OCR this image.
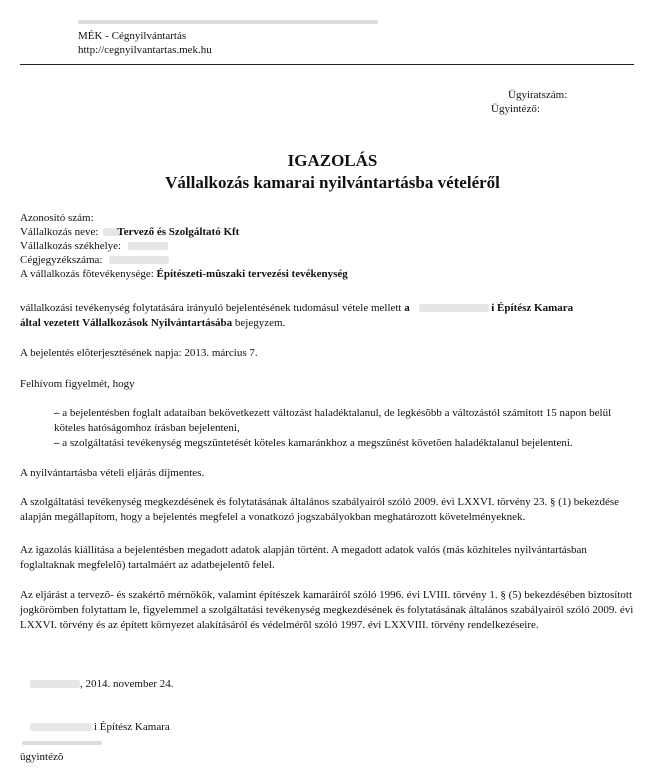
MÉK - Cégnyilvántartás
http://cegnyilvantartas.mek.hu
Ügyiratszám:
Ügyintéző:
IGAZOLÁS
Vállalkozás kamarai nyilvántartásba vételéről
Azonosító szám:
Vállalkozás neve: Tervező és Szolgáltató Kft
Vállalkozás székhelye:
Cégjegyzékszáma:
A vállalkozás fõtevékenysége: Építészeti-mûszaki tervezési tevékenység

vállalkozási tevékenység folytatására irányuló bejelentésének tudomásul vétele mellett a	i Építész Kamara
által vezetett Vállalkozások Nyilvántartásába bejegyzem.

A bejelentés elõterjesztésének napja: 2013. március 7.
Felhívom figyelmét, hogy
– a bejelentésben foglalt adataiban bekövetkezett változást haladéktalanul, de legkésõbb a változástól számított 15 napon belül köteles hatóságomhoz írásban bejelenteni,
– a szolgáltatási tevékenység megszüntetését köteles kamaránkhoz a megszûnést követõen haladéktalanul bejelenteni.
A nyilvántartásba vételi eljárás díjmentes.
A szolgáltatási tevékenység megkezdésének és folytatásának általános szabályairól szóló 2009. évi LXXVI. törvény 23. § (1) bekezdése alapján megállapítom, hogy a bejelentés megfelel a vonatkozó jogszabályokban meghatározott követelményeknek.
Az igazolás kiállítása a bejelentésben megadott adatok alapján történt. A megadott adatok valós (más közhiteles nyilvántartásban foglaltaknak megfelelõ) tartalmáért az adatbejelentõ felel.
Az eljárást a tervezõ- és szakértõ mérnökök, valamint építészek kamaráiról szóló 1996. évi LVIII. törvény 1. § (5) bekezdésében biztosított jogkörömben folytattam le, figyelemmel a szolgáltatási tevékenység megkezdésének és folytatásának általános szabályairól szóló 2009. évi LXXVI. törvény és az épített környezet alakításáról és védelmérõl szóló 1997. évi LXXVIII. törvény rendelkezéseire.
, 2014. november 24.
i Építész Kamara
ügyintézõ
